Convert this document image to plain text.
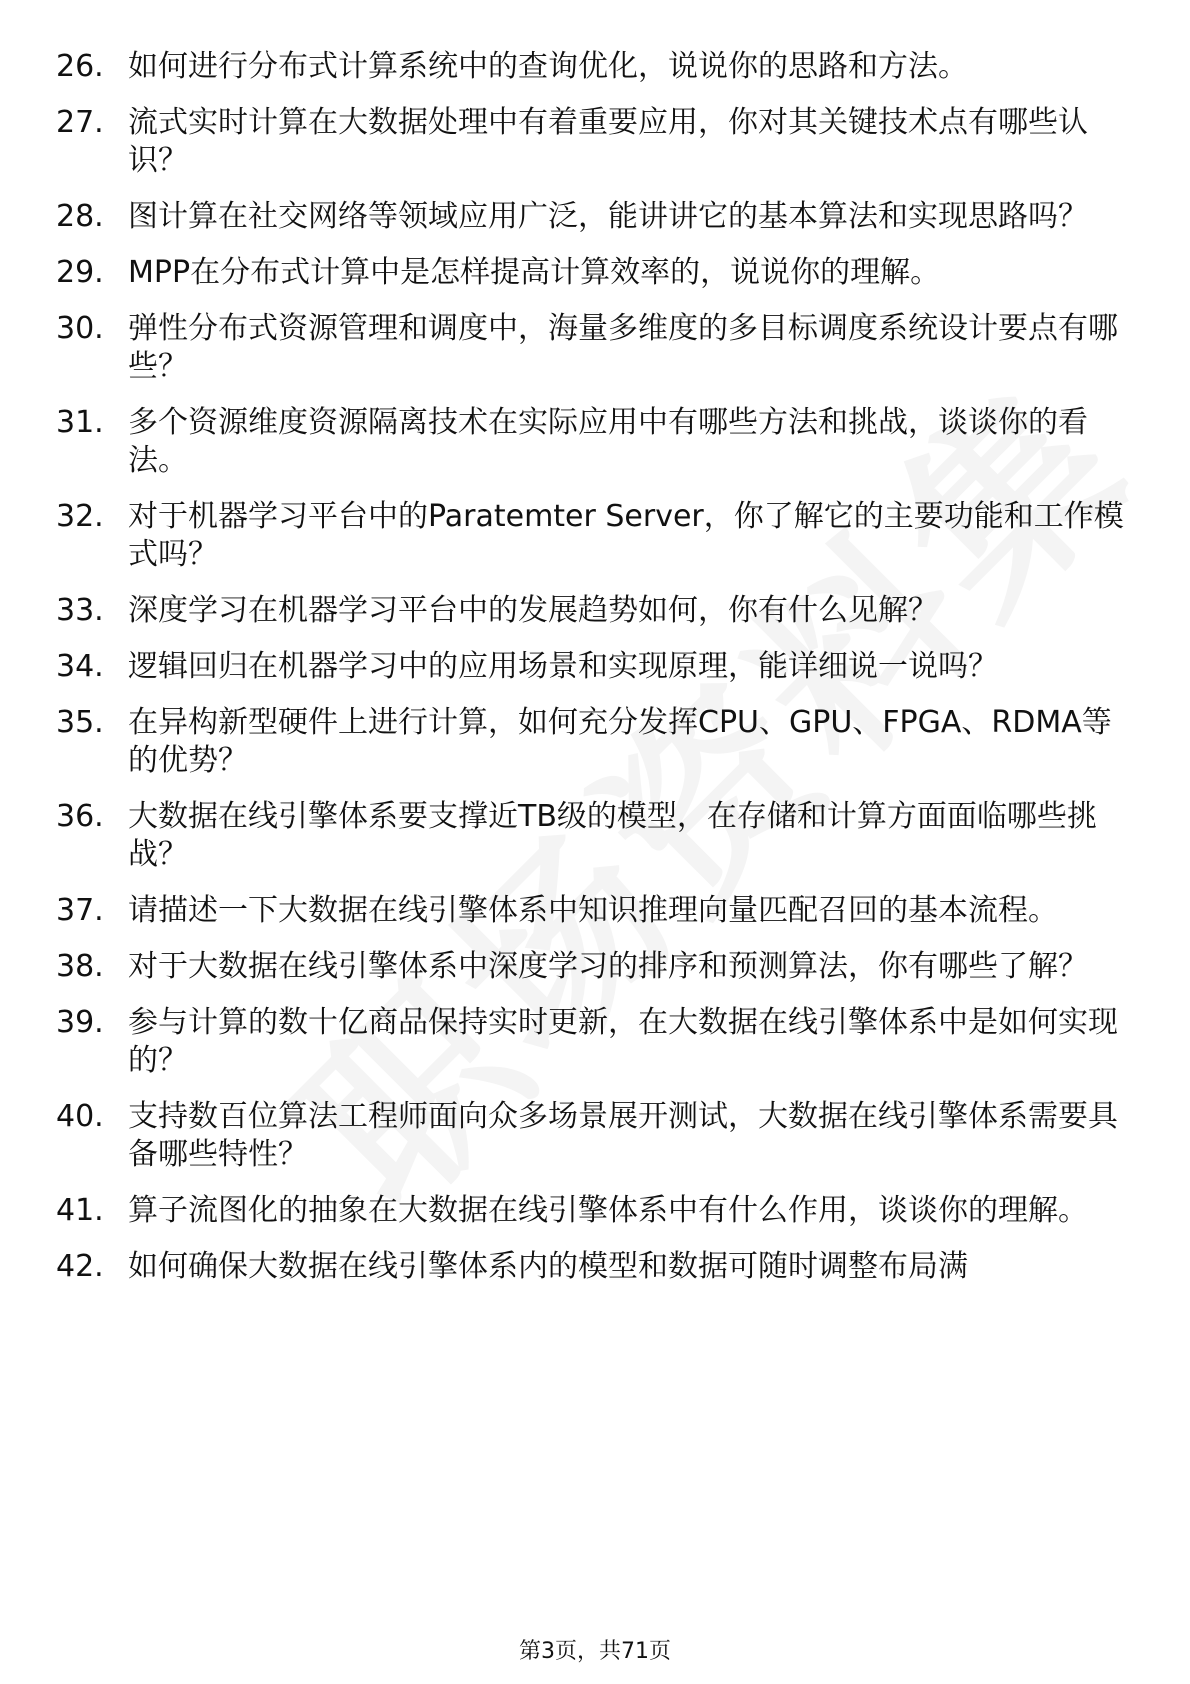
26. 如何进行分布式计算系统中的查询优化，说说你的思路和方法。
27. 流式实时计算在大数据处理中有着重要应用，你对其关键技术点有哪些认识？
28. 图计算在社交网络等领域应用广泛，能讲讲它的基本算法和实现思路吗？
29. MPP在分布式计算中是怎样提高计算效率的，说说你的理解。
30. 弹性分布式资源管理和调度中，海量多维度的多目标调度系统设计要点有哪些？
31. 多个资源维度资源隔离技术在实际应用中有哪些方法和挑战，谈谈你的看法。
32. 对于机器学习平台中的Paratemter Server，你了解它的主要功能和工作模式吗？
33. 深度学习在机器学习平台中的发展趋势如何，你有什么见解？
34. 逻辑回归在机器学习中的应用场景和实现原理，能详细说一说吗？
35. 在异构新型硬件上进行计算，如何充分发挥CPU、GPU、FPGA、RDMA等的优势？
36. 大数据在线引擎体系要支撑近TB级的模型，在存储和计算方面面临哪些挑战？
37. 请描述一下大数据在线引擎体系中知识推理向量匹配召回的基本流程。
38. 对于大数据在线引擎体系中深度学习的排序和预测算法，你有哪些了解？
39. 参与计算的数十亿商品保持实时更新，在大数据在线引擎体系中是如何实现的？
40. 支持数百位算法工程师面向众多场景展开测试，大数据在线引擎体系需要具备哪些特性？
41. 算子流图化的抽象在大数据在线引擎体系中有什么作用，谈谈你的理解。
42. 如何确保大数据在线引擎体系内的模型和数据可随时调整布局满
第3页，共71页
